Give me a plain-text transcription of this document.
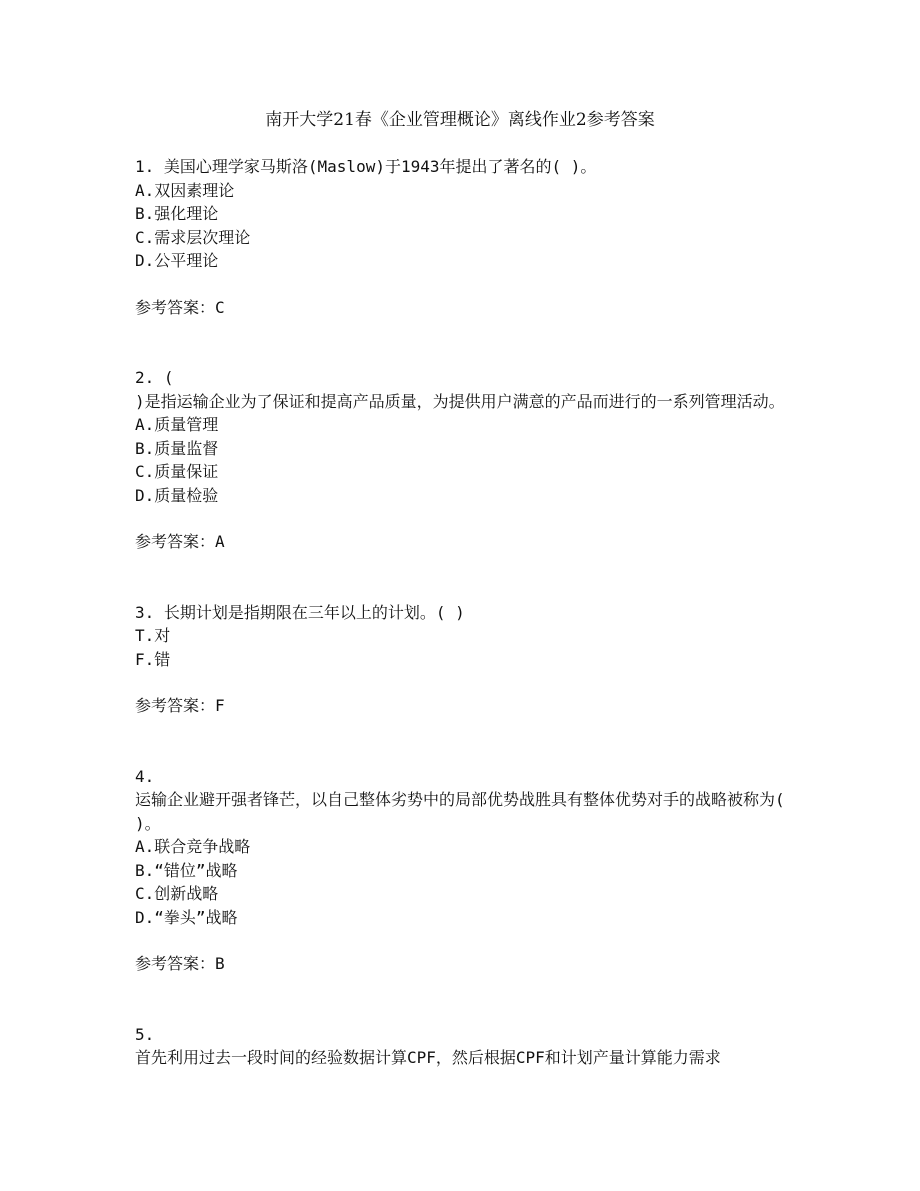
南开大学21春《企业管理概论》离线作业2参考答案
1. 美国心理学家马斯洛(Maslow)于1943年提出了著名的( )。
A.双因素理论
B.强化理论
C.需求层次理论
D.公平理论
参考答案：C
2. (
)是指运输企业为了保证和提高产品质量，为提供用户满意的产品而进行的一系列管理活动。
A.质量管理
B.质量监督
C.质量保证
D.质量检验
参考答案：A
3. 长期计划是指期限在三年以上的计划。( )
T.对
F.错
参考答案：F
4.
运输企业避开强者锋芒，以自己整体劣势中的局部优势战胜具有整体优势对手的战略被称为( )。
A.联合竞争战略
B.“错位”战略
C.创新战略
D.“拳头”战略
参考答案：B
5.
首先利用过去一段时间的经验数据计算CPF，然后根据CPF和计划产量计算能力需求
